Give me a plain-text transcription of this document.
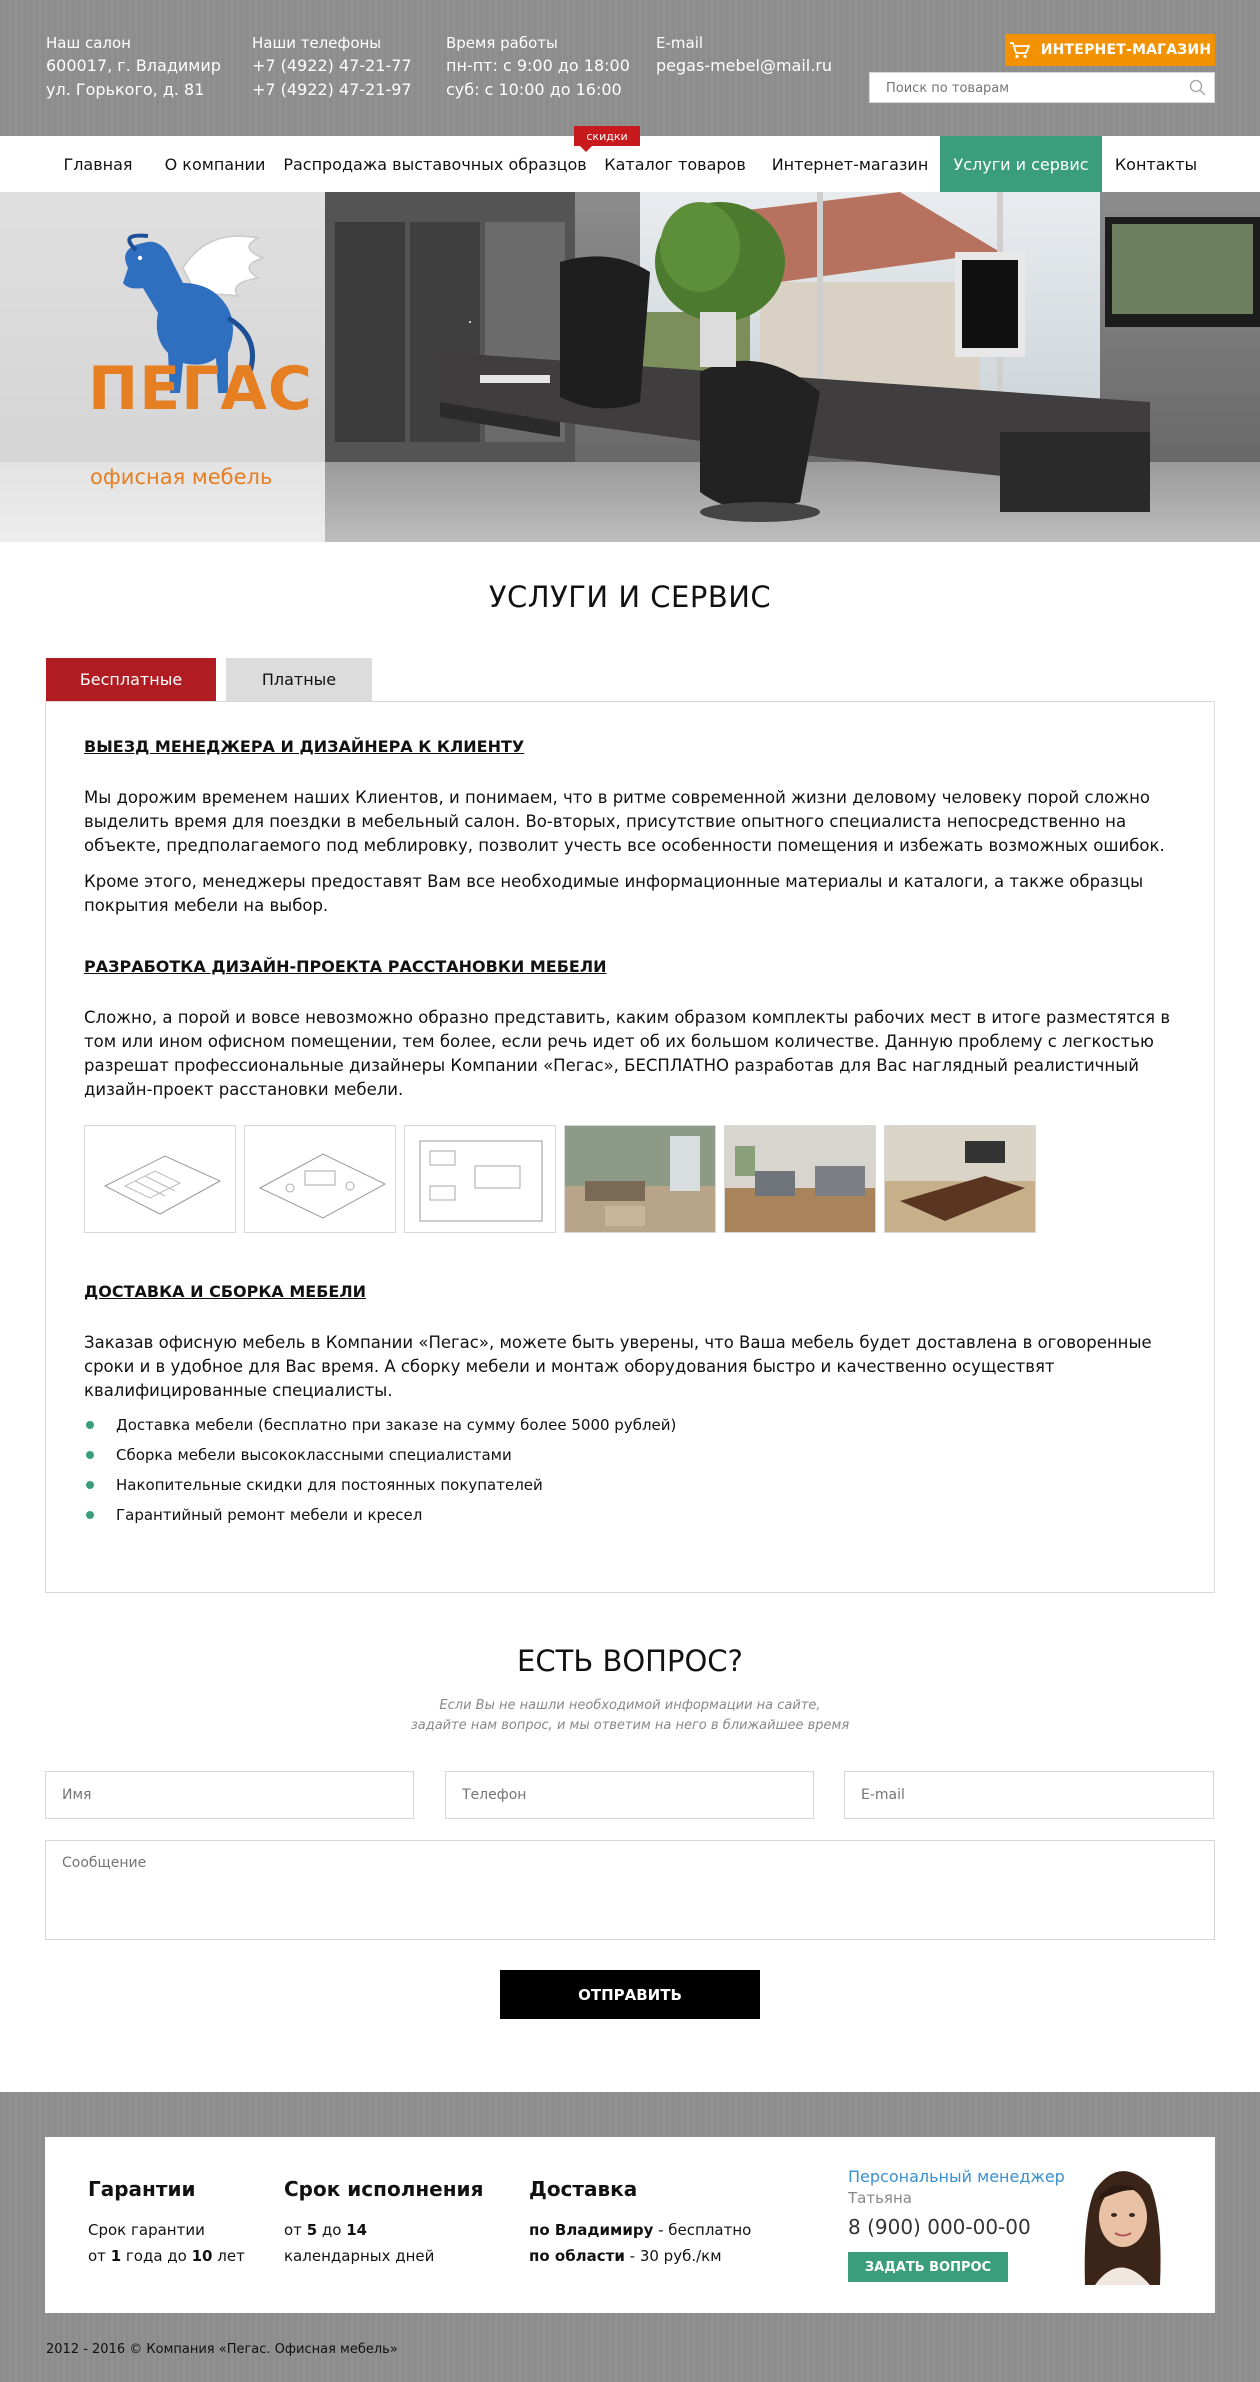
Наш салон
600017, г. Владимир
ул. Горького, д. 81
Наши телефоны
+7 (4922) 47-21-77
+7 (4922) 47-21-97
Время работы
пн-пт: с 9:00 до 18:00
суб: с 10:00 до 16:00
E-mail
pegas-mebel@mail.ru
ИНТЕРНЕТ-МАГАЗИН
Поиск по товарам
скидки
Главная	О компании	Распродажа выставочных образцов Каталог товаров	Интернет-магазин	Услуги и сервис	Контакты
ПЕГАС
офисная мебель
УСЛУГИ И СЕРВИС
Бесплатные	Платные
ВЫЕЗД МЕНЕДЖЕРА И ДИЗАЙНЕРА К КЛИЕНТУ
Мы дорожим временем наших Клиентов, и понимаем, что в ритме современной жизни деловому человеку порой сложно выделить время для поездки в мебельный салон. Во-вторых, присутствие опытного специалиста непосредственно на объекте, предполагаемого под меблировку, позволит учесть все особенности помещения и избежать возможных ошибок.
Кроме этого, менеджеры предоставят Вам все необходимые информационные материалы и каталоги, а также образцы покрытия мебели на выбор.
РАЗРАБОТКА ДИЗАЙН-ПРОЕКТА РАССТАНОВКИ МЕБЕЛИ
Сложно, а порой и вовсе невозможно образно представить, каким образом комплекты рабочих мест в итоге разместятся в том или ином офисном помещении, тем более, если речь идет об их большом количестве. Данную проблему с легкостью разрешат профессиональные дизайнеры Компании «Пегас», БЕСПЛАТНО разработав для Вас наглядный реалистичный дизайн-проект расстановки мебели.
ДОСТАВКА И СБОРКА МЕБЕЛИ
Заказав офисную мебель в Компании «Пегас», можете быть уверены, что Ваша мебель будет доставлена в оговоренные сроки и в удобное для Вас время. А сборку мебели и монтаж оборудования быстро и качественно осуществят квалифицированные специалисты.
Доставка мебели (бесплатно при заказе на сумму более 5000 рублей)
Сборка мебели высококлассными специалистами
Накопительные скидки для постоянных покупателей
Гарантийный ремонт мебели и кресел
ЕСТЬ ВОПРОС?
Если Вы не нашли необходимой информации на сайте,
задайте нам вопрос, и мы ответим на него в ближайшее время
Имя
Телефон
E-mail
Сообщение
ОТПРАВИТЬ
Гарантии
Срок гарантии
от 1 года до 10 лет
Срок исполнения
от 5 до 14
календарных дней
Доставка
по Владимиру - бесплатно
по области - 30 руб./км
Персональный менеджер
Татьяна
8 (900) 000-00-00
ЗАДАТЬ ВОПРОС
2012 - 2016 © Компания «Пегас. Офисная мебель»
